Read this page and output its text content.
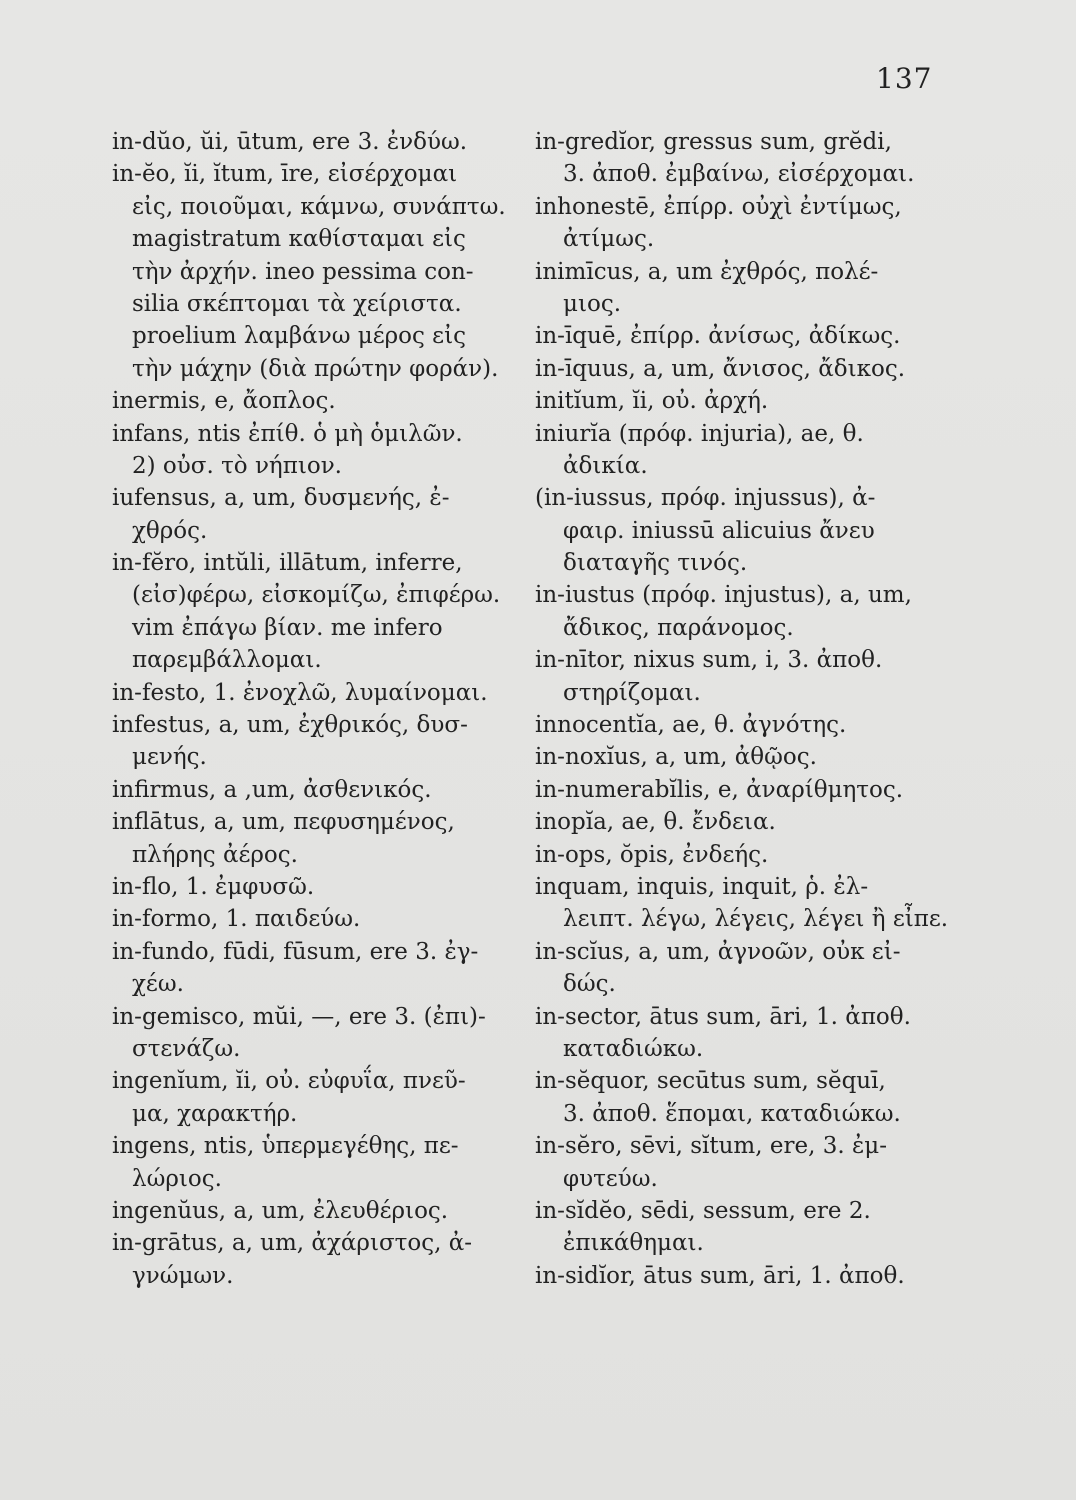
137
in-dŭo, ŭi, ūtum, ere 3. ἐνδύω.
in-ĕo, ĭi, ĭtum, īre, εἰσέρχομαι
εἰς, ποιοῦμαι, κάμνω, συνάπτω.
magistratum καθίσταμαι εἰς
τὴν ἀρχήν. ineo pessima con-
silia σκέπτομαι τὰ χείριστα.
proelium λαμβάνω μέρος εἰς
τὴν μάχην (διὰ πρώτην φοράν).
inermis, e, ἄοπλος.
infans, ntis ἐπίθ. ὁ μὴ ὁμιλῶν.
2) οὐσ. τὸ νήπιον.
iufensus, a, um, δυσμενής, ἐ-
χθρός.
in-fĕro, intŭli, illātum, inferre,
(εἰσ)φέρω, εἰσκομίζω, ἐπιφέρω.
vim ἐπάγω βίαν. me infero
παρεμβάλλομαι.
in-festo, 1. ἐνοχλῶ, λυμαίνομαι.
infestus, a, um, ἐχθρικός, δυσ-
μενής.
infirmus, a ,um, ἀσθενικός.
inflātus, a, um, πεφυσημένος,
πλήρης ἀέρος.
in-flo, 1. ἐμφυσῶ.
in-formo, 1. παιδεύω.
in-fundo, fūdi, fūsum, ere 3. ἐγ-
χέω.
in-gemisco, mŭi, —, ere 3. (ἐπι)-
στενάζω.
ingenĭum, ĭi, οὐ. εὐφυΐα, πνεῦ-
μα, χαρακτήρ.
ingens, ntis, ὑπερμεγέθης, πε-
λώριος.
ingenŭus, a, um, ἐλευθέριος.
in-grātus, a, um, ἀχάριστος, ἀ-
γνώμων.
in-gredĭor, gressus sum, grĕdi,
3. ἀποθ. ἐμβαίνω, εἰσέρχομαι.
inhonestē, ἐπίρρ. οὐχὶ ἐντίμως,
ἀτίμως.
inimīcus, a, um ἐχθρός, πολέ-
μιος.
in-īquē, ἐπίρρ. ἀνίσως, ἀδίκως.
in-īquus, a, um, ἄνισος, ἄδικος.
initĭum, ĭi, οὐ. ἀρχή.
iniurĭa (πρόφ. injuria), ae, θ.
ἀδικία.
(in-iussus, πρόφ. injussus), ἀ-
φαιρ. iniussū alicuius ἄνευ
διαταγῆς τινός.
in-iustus (πρόφ. injustus), a, um,
ἄδικος, παράνομος.
in-nītor, nixus sum, i, 3. ἀποθ.
στηρίζομαι.
innocentĭa, ae, θ. ἀγνότης.
in-noxĭus, a, um, ἀθῷος.
in-numerabĭlis, e, ἀναρίθμητος.
inopĭa, ae, θ. ἔνδεια.
in-ops, ŏpis, ἐνδεής.
inquam, inquis, inquit, ῥ. ἐλ-
λειπτ. λέγω, λέγεις, λέγει ἢ εἶπε.
in-scĭus, a, um, ἀγνοῶν, οὐκ εἰ-
δώς.
in-sector, ātus sum, āri, 1. ἀποθ.
καταδιώκω.
in-sĕquor, secūtus sum, sĕquī,
3. ἀποθ. ἕπομαι, καταδιώκω.
in-sĕro, sēvi, sĭtum, ere, 3. ἐμ-
φυτεύω.
in-sĭdĕo, sēdi, sessum, ere 2.
ἐπικάθημαι.
in-sidĭor, ātus sum, āri, 1. ἀποθ.
